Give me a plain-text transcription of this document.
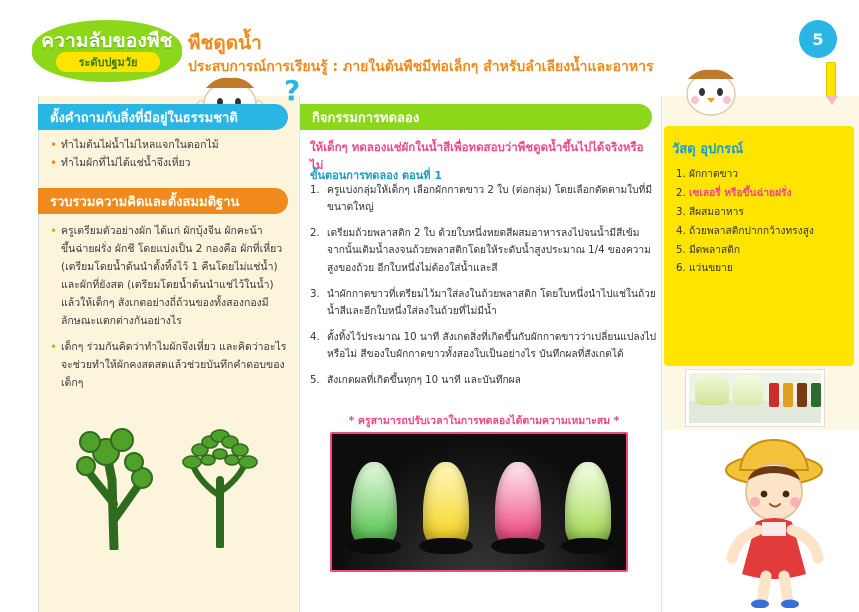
ความลับของพืช
ระดับปฐมวัย
พืชดูดน้ำ
ประสบการณ์การเรียนรู้ : ภายในต้นพืชมีท่อเล็กๆ สำหรับลำเลียงน้ำและอาหาร
5
?
ตั้งคำถามกับสิ่งที่มีอยู่ในธรรมชาติ
• ทำไมต้นไผ่น้ำไม่ไหลแจกในดอกไม้
• ทำไมผักที่ไม่ได้แช่น้ำจึงเหี่ยว
รวบรวมความคิดและตั้งสมมติฐาน
• ครูเตรียมตัวอย่างผัก ได้แก่ ผักบุ้งจีน ผักคะน้า ขึ้นฉ่ายฝรั่ง ผักชี โดยแบ่งเป็น 2 กองคือ ผักที่เหี่ยว (เตรียมโดยน้ำด้นนำตั้งทิ้งไว้ 1 คืนโดยไม่แช่น้ำ) และผักที่ยังสด (เตรียมโดยน้ำด้นนำแช่ไว้ในน้ำ) แล้วให้เด็กๆ สังเกตอย่างถี่ถ้วนของทั้งสองกองมีลักษณะแตกต่างกันอย่างไร
• เด็กๆ ร่วมกันคิดว่าทำไมผักจึงเหี่ยว และคิดว่าอะไรจะช่วยทำให้ผักคงสดสดแล้วช่วยบันทึกคำตอบของเด็กๆ
กิจกรรมการทดลอง
ให้เด็กๆ ทดลองแช่ผักในน้ำสีเพื่อทดสอบว่าพืชดูดน้ำขึ้นไปได้จริงหรือไม่
ขั้นตอนการทดลอง ตอนที่ 1
1. ครูแบ่งกลุ่มให้เด็กๆ เลือกผักกาดขาว 2 ใบ (ต่อกลุ่ม) โดยเลือกตัดตามใบที่มีขนาดใหญ่
2. เตรียมถ้วยพลาสติก 2 ใบ ด้วยใบหนึ่งหยดสีผสมอาหารลงไปจนน้ำมีสีเข้ม จากนั้นเติมน้ำลงจนถ้วยพลาสติกโดยให้ระดับน้ำสูงประมาณ 1/4 ของความสูงของถ้วย อีกใบหนึ่งไม่ต้องใส่น้ำและสี
3. นำผักกาดขาวที่เตรียมไว้มาใส่ลงในถ้วยพลาสติก โดยใบหนึ่งนำไปแช่ในถ้วยน้ำสีและอีกใบหนึ่งใส่ลงในถ้วยที่ไม่มีน้ำ
4. ตั้งทิ้งไว้ประมาณ 10 นาที สังเกตสิ่งที่เกิดขึ้นกับผักกาดขาวว่าเปลี่ยนแปลงไปหรือไม่ สีของใบผักกาดขาวทั้งสองใบเป็นอย่างไร บันทึกผลที่สังเกตได้
5. สังเกตผลที่เกิดขึ้นทุกๆ 10 นาที และบันทึกผล
* ครูสามารถปรับเวลาในการทดลองได้ตามความเหมาะสม *
วัสดุ อุปกรณ์
1. ผักกาดขาว
2. เซเลอรี่ หรือขึ้นฉ่ายฝรั่ง
3. สีผสมอาหาร
4. ถ้วยพลาสติกปากกว้างทรงสูง
5. มีดพลาสติก
6. แว่นขยาย
